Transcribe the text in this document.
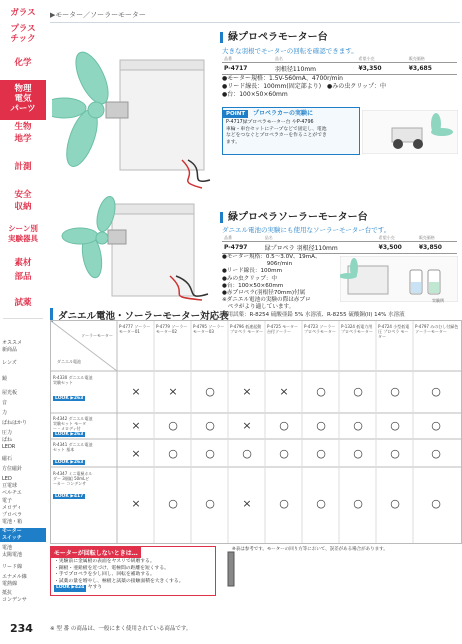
ガラス
プラス
チック
化学
物理
電気
パーツ
生物
地学
計測
安全
収納
シーン別
実験器具
素材
部品
試薬
オススメ
新商品
レンズ
鏡
屋光板
音
力
ばねはかり
圧力
ばね
LEDR
磁石
方位磁針
LED
豆電球
ベルチエ
電子
メロディ
プロペラ
電池・箱
モーター
スイッチ
電池
太陽電池
リード線
エナメル線
電熱線
抵抗
コンデンサ
▶モーター／ソーラーモーター
緑プロペラモーター台
大きな羽根でモーターの回転を確認できます。
品番	品名	希望小売	販売価格
P-4717	羽根径110mm	¥3,350	¥3,685
●モーター規格：1.5V-560mA、4700r/min
●リード線長：100mm(固定部より)　●みの虫クリップ：中
●台：100×50×60mm
POINT プロペラカーの実験に
P-4717緑プロペラモーター台 やP-4796
車輪・車台セットにテープなどで固定し、電池
などをつなぐとプロペラカーを作ることができ
ます。
緑プロペラソーラーモーター台
ダニエル電池の実験にも使用なソーラーモーター台です。
品番	品名	希望小売	販売価格
P-4797	緑プロペラ 羽根径110mm	¥3,500	¥3,850
●モーター規格：0.5〜3.0V、19mA、
　　　　　　　　906r/min
●リード線長：100mm
●みの虫クリップ：中
●台：100×50×60mm
●赤プロペラ(羽根径70mm)付属
※ダニエル電池の実験の際は赤プロ
　ペラがより適しています。
実験例
ダニエル電池・ソーラーモーター対応表
使用試薬：R-8254 硫酸亜鉛 5% 水溶液、R-8255 硫酸銅(II) 14% 水溶液
ソーラーモーター
ダニエル電池
P-4777 ソーラー モーター01
P-4779 ソーラー モーター02
P-4795 ソーラー モーター03
P-4796 低速起動プロペラ モーター
P-4725 モーター 台付ソーラー
P-4723 ソーラー プロペラモーター
P-1324 低電力用 プロペラモーター
P-4724 小型低電圧 プロペラ モーター
P-4797 みのむし付緑色 ソーラーモーター
R-4330 ダニエル電池 実験セット
LOOK ▶263
×	×	○	×	×	○	○	○	○
R-4342 ダニエル電池 実験セット モーター・メロディ付
LOOK ▶263
×	○	○	×	○	○	○	○	○
R-4341 ダニエル電池セット 基本
LOOK ▶263
×	○	○	○	○	○	○	○	○
R-4347 ミニ電極ホルダー 3個組 50mLビーカー コンデンサ
LOOK ▶417
×	○	○	×	○	○	○	○	○
※表は参考です。モーターの回り方等において、誤差がある場合があります。
モーターが回転しないときは…
・実験前に金属板の表面をヤスリで研磨する。
・銅板・亜鉛板を近づけ、電極間の距離を短くする。
・手でプロペラを少し回し、回転を補助する。
・試薬の量を増やし、極板と試薬の接触面積を大きくする。
LOOK ▶424 ヤすり
234	※ 型 番 の商品は、一般にまく使用されている商品です。
